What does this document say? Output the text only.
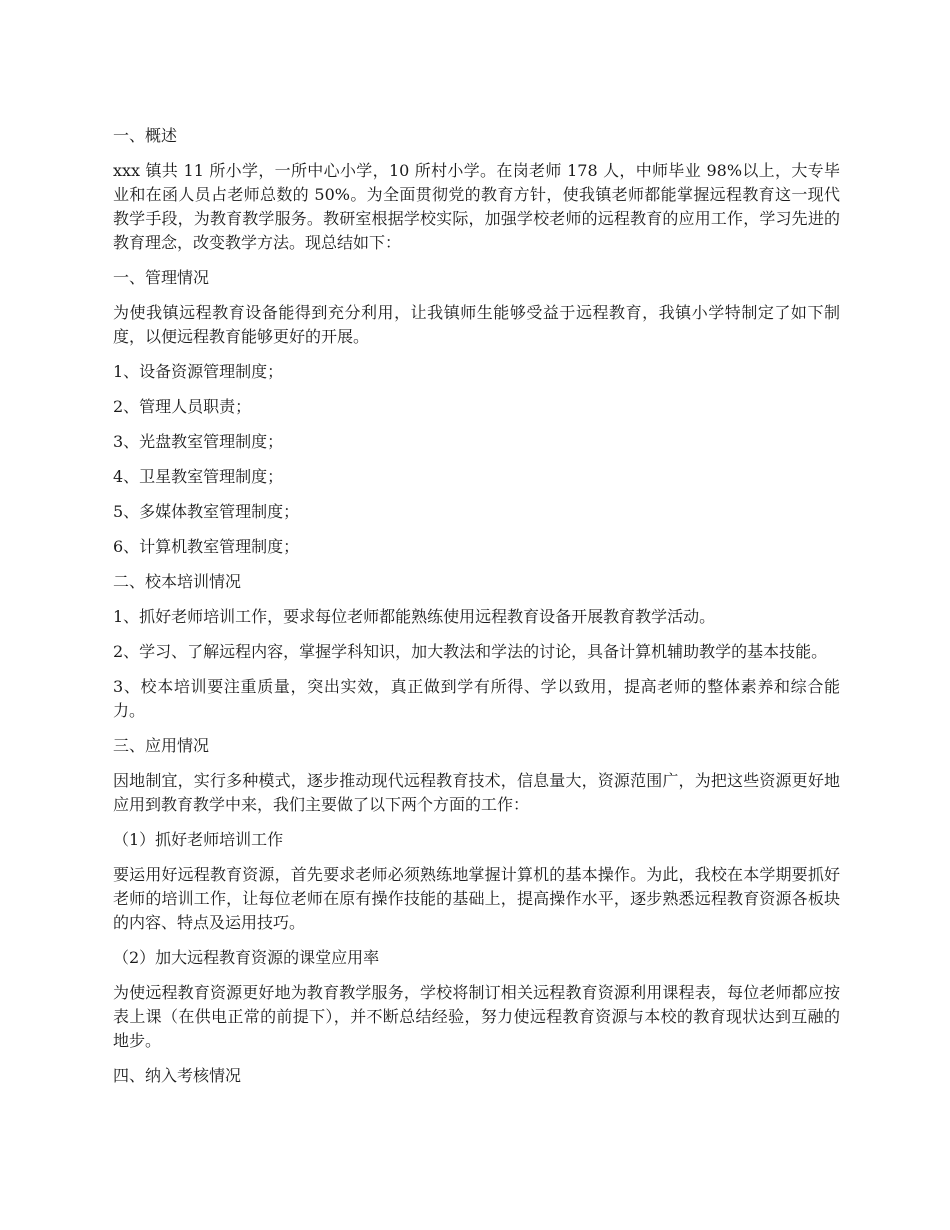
一、概述

xxx 镇共 11 所小学，一所中心小学，10 所村小学。在岗老师 178 人，中师毕业 98%以上，大专毕业和在函人员占老师总数的 50%。为全面贯彻党的教育方针，使我镇老师都能掌握远程教育这一现代教学手段，为教育教学服务。教研室根据学校实际，加强学校老师的远程教育的应用工作，学习先进的教育理念，改变教学方法。现总结如下：

一、管理情况

为使我镇远程教育设备能得到充分利用，让我镇师生能够受益于远程教育，我镇小学特制定了如下制度，以便远程教育能够更好的开展。

1、设备资源管理制度；

2、管理人员职责；

3、光盘教室管理制度；

4、卫星教室管理制度；

5、多媒体教室管理制度；

6、计算机教室管理制度；

二、校本培训情况

1、抓好老师培训工作，要求每位老师都能熟练使用远程教育设备开展教育教学活动。

2、学习、了解远程内容，掌握学科知识，加大教法和学法的讨论，具备计算机辅助教学的基本技能。

3、校本培训要注重质量，突出实效，真正做到学有所得、学以致用，提高老师的整体素养和综合能力。

三、应用情况

因地制宜，实行多种模式，逐步推动现代远程教育技术，信息量大，资源范围广，为把这些资源更好地应用到教育教学中来，我们主要做了以下两个方面的工作：

（1）抓好老师培训工作

要运用好远程教育资源，首先要求老师必须熟练地掌握计算机的基本操作。为此，我校在本学期要抓好老师的培训工作，让每位老师在原有操作技能的基础上，提高操作水平，逐步熟悉远程教育资源各板块的内容、特点及运用技巧。

（2）加大远程教育资源的课堂应用率

为使远程教育资源更好地为教育教学服务，学校将制订相关远程教育资源利用课程表，每位老师都应按表上课（在供电正常的前提下），并不断总结经验，努力使远程教育资源与本校的教育现状达到互融的地步。

四、纳入考核情况
